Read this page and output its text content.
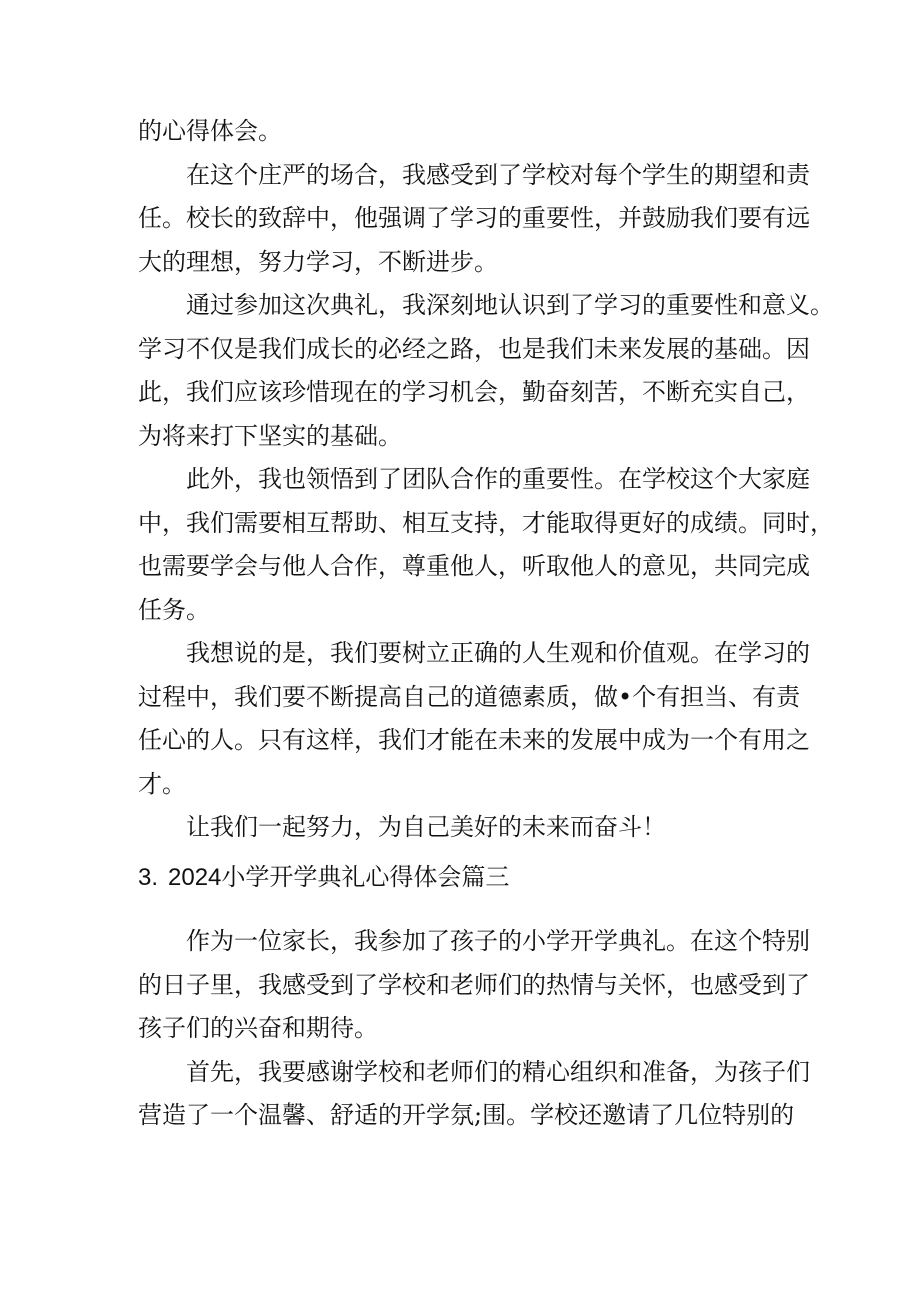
的心得体会。
在这个庄严的场合，我感受到了学校对每个学生的期望和责
任。校长的致辞中，他强调了学习的重要性，并鼓励我们要有远
大的理想，努力学习，不断进步。
通过参加这次典礼，我深刻地认识到了学习的重要性和意义。
学习不仅是我们成长的必经之路，也是我们未来发展的基础。因
此，我们应该珍惜现在的学习机会，勤奋刻苦，不断充实自己，
为将来打下坚实的基础。
此外，我也领悟到了团队合作的重要性。在学校这个大家庭
中，我们需要相互帮助、相互支持，才能取得更好的成绩。同时，
也需要学会与他人合作，尊重他人，听取他人的意见，共同完成
任务。
我想说的是，我们要树立正确的人生观和价值观。在学习的
过程中，我们要不断提高自己的道德素质，做•个有担当、有责
任心的人。只有这样，我们才能在未来的发展中成为一个有用之
才。
让我们一起努力，为自己美好的未来而奋斗！
3. 2024小学开学典礼心得体会篇三
作为一位家长，我参加了孩子的小学开学典礼。在这个特别
的日子里，我感受到了学校和老师们的热情与关怀，也感受到了
孩子们的兴奋和期待。
首先，我要感谢学校和老师们的精心组织和准备，为孩子们
营造了一个温馨、舒适的开学氛;围。学校还邀请了几位特别的
